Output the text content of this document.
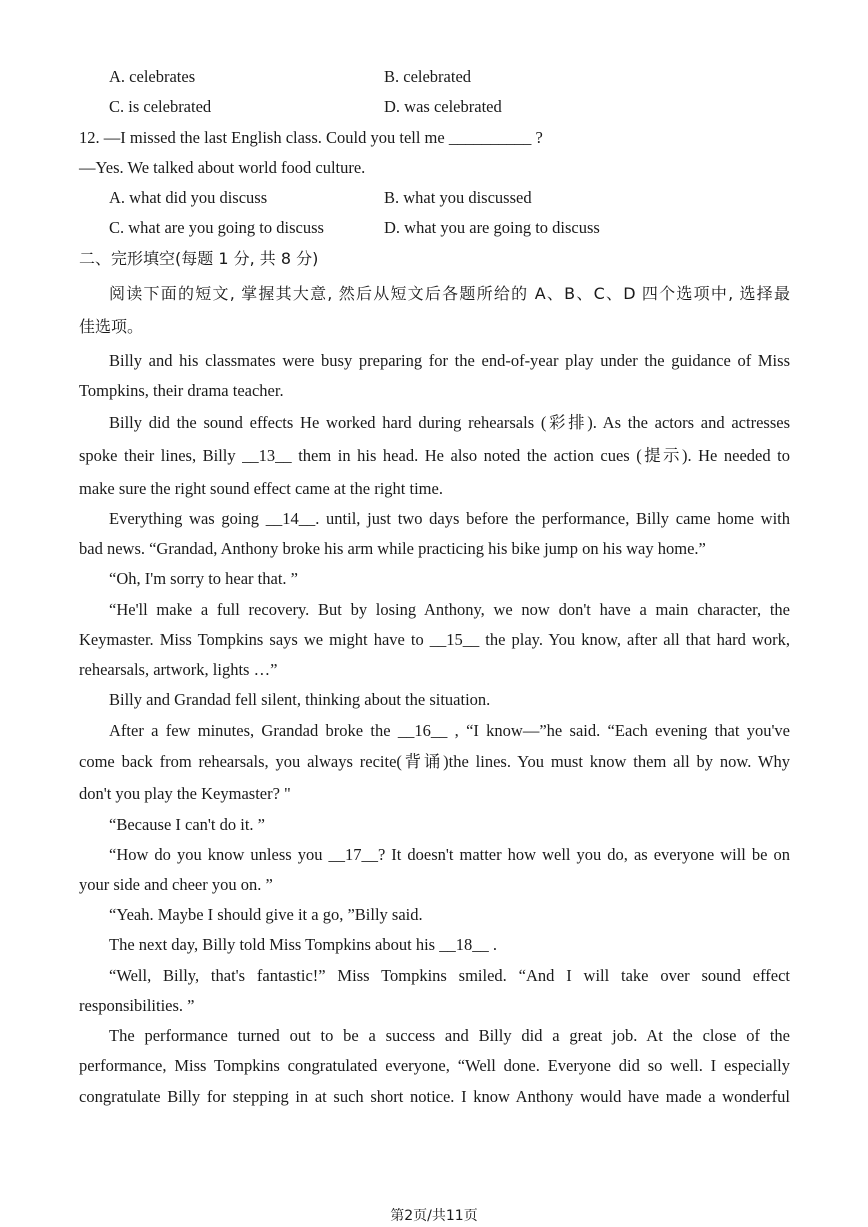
A. celebrates	B. celebrated
C. is celebrated	D. was celebrated
12. —I missed the last English class. Could you tell me __________ ?
—Yes. We talked about world food culture.
A. what did you discuss	B. what you discussed
C. what are you going to discuss	D. what you are going to discuss
二、完形填空(每题 1 分, 共 8 分)
阅读下面的短文, 掌握其大意, 然后从短文后各题所给的 A、B、C、D 四个选项中, 选择最
佳选项。
Billy and his classmates were busy preparing for the end-of-year play under the guidance of Miss
Tompkins, their drama teacher.
Billy did the sound effects He worked hard during rehearsals (彩排). As the actors and actresses
spoke their lines, Billy __13__ them in his head. He also noted the action cues (提示). He needed to
make sure the right sound effect came at the right time.
Everything was going __14__. until, just two days before the performance, Billy came home with
bad news. “Grandad, Anthony broke his arm while practicing his bike jump on his way home.”
“Oh, I'm sorry to hear that. ”
“He'll make a full recovery. But by losing Anthony, we now don't have a main character, the
Keymaster. Miss Tompkins says we might have to __15__ the play. You know, after all that hard work,
rehearsals, artwork, lights …”
Billy and Grandad fell silent, thinking about the situation.
After a few minutes, Grandad broke the __16__ , “I know—”he said. “Each evening that you've
come back from rehearsals, you always recite(背诵)the lines. You must know them all by now. Why
don't you play the Keymaster? "
“Because I can't do it. ”
“How do you know unless you __17__? It doesn't matter how well you do, as everyone will be on
your side and cheer you on. ”
“Yeah. Maybe I should give it a go, ”Billy said.
The next day, Billy told Miss Tompkins about his __18__ .
“Well, Billy, that's fantastic!” Miss Tompkins smiled. “And I will take over sound effect
responsibilities. ”
The performance turned out to be a success and Billy did a great job. At the close of the
performance, Miss Tompkins congratulated everyone, “Well done. Everyone did so well. I especially
congratulate Billy for stepping in at such short notice. I know Anthony would have made a wonderful
第2页/共11页
